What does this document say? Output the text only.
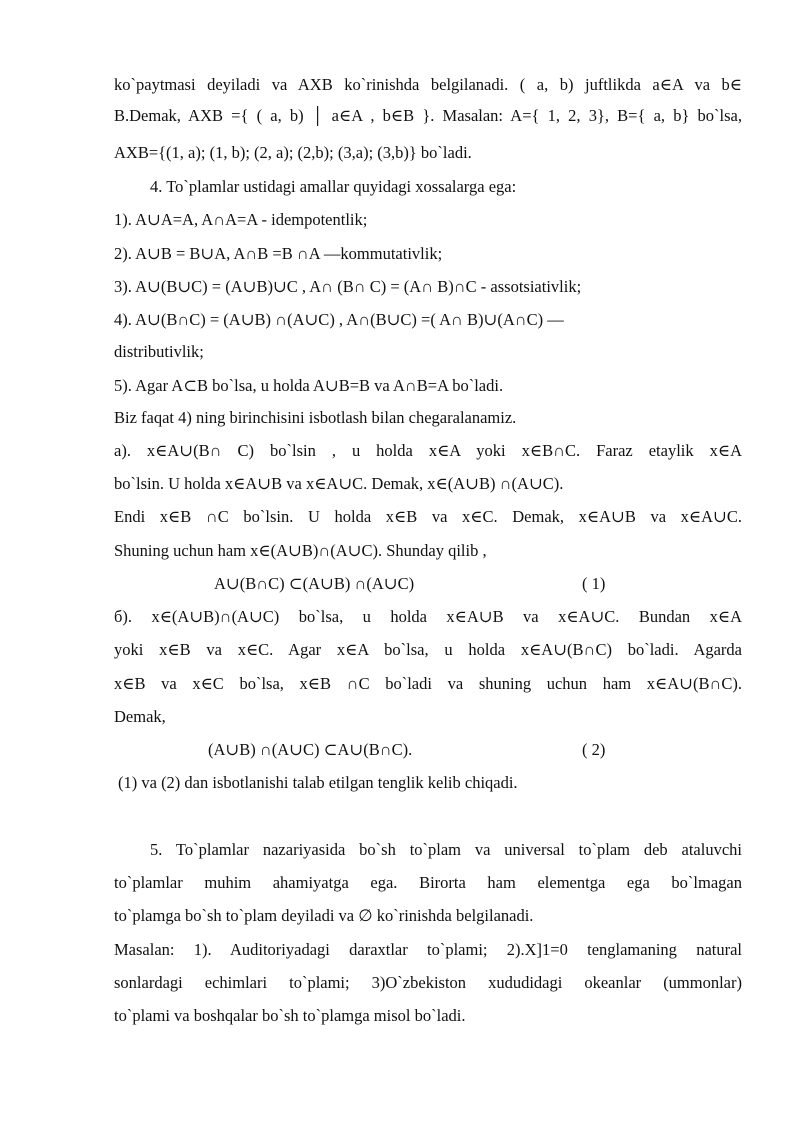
ko`paytmasi deyiladi va AXB ko`rinishda belgilanadi. ( a, b) juftlikda a∈A va b∈
B.Demak, AXB ={ ( a, b) │ a∈A , b∈B }. Masalan: A={ 1, 2, 3}, B={ a, b} bo`lsa,
AXB={(1, a); (1, b); (2, a); (2,b); (3,a); (3,b)} bo`ladi.
4. To`plamlar ustidagi amallar quyidagi xossalarga ega:
1). A∪A=A, A∩A=A - idempotentlik;
2). A∪B = B∪A, A∩B =B ∩A ―kommutativlik;
3). A∪(B∪C) = (A∪B)∪C , A∩ (B∩ C) = (A∩ B)∩C - assotsiativlik;
4). A∪(B∩C) = (A∪B) ∩(A∪C) , A∩(B∪C) =( A∩ B)∪(A∩C) ―
distributivlik;
5). Agar A⊂B bo`lsa, u holda A∪B=B va A∩B=A bo`ladi.
Biz faqat 4) ning birinchisini isbotlash bilan chegaralanamiz.
a). x∈A∪(B∩ C) bo`lsin , u holda x∈A yoki x∈B∩C. Faraz etaylik x∈A
bo`lsin. U holda x∈A∪B va x∈A∪C. Demak, x∈(A∪B) ∩(A∪C).
Endi x∈B ∩C bo`lsin. U holda x∈B va x∈C. Demak, x∈A∪B va x∈A∪C.
Shuning uchun ham x∈(A∪B)∩(A∪C). Shunday qilib ,
A∪(B∩C) ⊂(A∪B) ∩(A∪C)	( 1)
б). x∈(A∪B)∩(A∪C) bo`lsa, u holda x∈A∪B va x∈A∪C. Bundan x∈A
yoki x∈B va x∈C. Agar x∈A bo`lsa, u holda x∈A∪(B∩C) bo`ladi. Agarda
x∈B va x∈C bo`lsa, x∈B ∩C bo`ladi va shuning uchun ham x∈A∪(B∩C).
Demak,
(A∪B) ∩(A∪C) ⊂A∪(B∩C).	( 2)
(1) va (2) dan isbotlanishi talab etilgan tenglik kelib chiqadi.
5. To`plamlar nazariyasida bo`sh to`plam va universal to`plam deb ataluvchi
to`plamlar muhim ahamiyatga ega. Birorta ham elementga ega bo`lmagan
to`plamga bo`sh to`plam deyiladi va ∅ ko`rinishda belgilanadi.
Masalan: 1). Auditoriyadagi daraxtlar to`plami; 2).X]1=0 tenglamaning natural
sonlardagi echimlari to`plami; 3)O`zbekiston xududidagi okeanlar (ummonlar)
to`plami va boshqalar bo`sh to`plamga misol bo`ladi.
